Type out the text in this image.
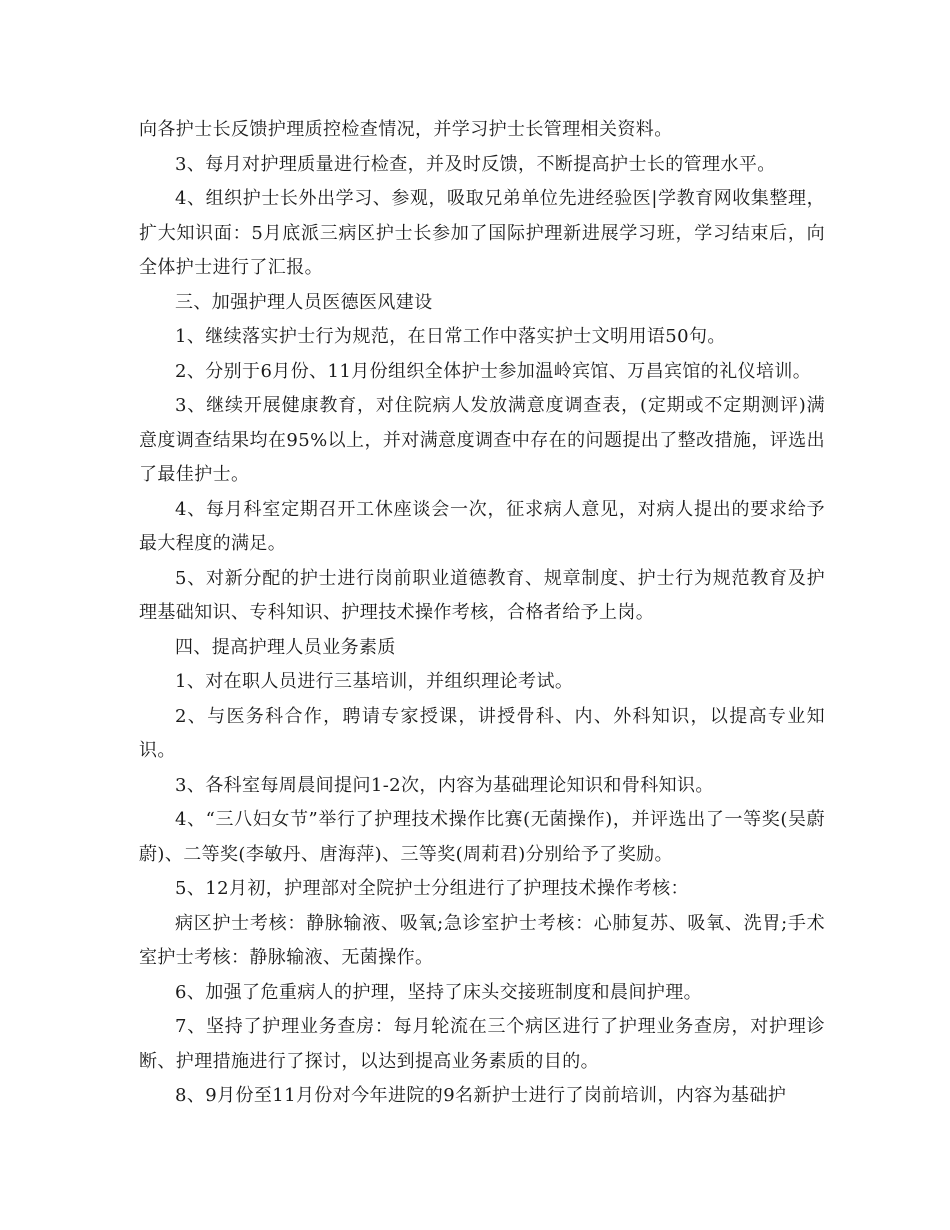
向各护士长反馈护理质控检查情况，并学习护士长管理相关资料。

3、每月对护理质量进行检查，并及时反馈，不断提高护士长的管理水平。

4、组织护士长外出学习、参观，吸取兄弟单位先进经验医|学教育网收集整理，扩大知识面：5月底派三病区护士长参加了国际护理新进展学习班，学习结束后，向全体护士进行了汇报。

三、加强护理人员医德医风建设

1、继续落实护士行为规范，在日常工作中落实护士文明用语50句。

2、分别于6月份、11月份组织全体护士参加温岭宾馆、万昌宾馆的礼仪培训。

3、继续开展健康教育，对住院病人发放满意度调查表，(定期或不定期测评)满意度调查结果均在95%以上，并对满意度调查中存在的问题提出了整改措施，评选出了最佳护士。

4、每月科室定期召开工休座谈会一次，征求病人意见，对病人提出的要求给予最大程度的满足。

5、对新分配的护士进行岗前职业道德教育、规章制度、护士行为规范教育及护理基础知识、专科知识、护理技术操作考核，合格者给予上岗。

四、提高护理人员业务素质

1、对在职人员进行三基培训，并组织理论考试。

2、与医务科合作，聘请专家授课，讲授骨科、内、外科知识，以提高专业知识。

3、各科室每周晨间提问1-2次，内容为基础理论知识和骨科知识。

4、“三八妇女节”举行了护理技术操作比赛(无菌操作)，并评选出了一等奖(吴蔚蔚)、二等奖(李敏丹、唐海萍)、三等奖(周莉君)分别给予了奖励。

5、12月初，护理部对全院护士分组进行了护理技术操作考核：

病区护士考核：静脉输液、吸氧;急诊室护士考核：心肺复苏、吸氧、洗胃;手术室护士考核：静脉输液、无菌操作。

6、加强了危重病人的护理，坚持了床头交接班制度和晨间护理。

7、坚持了护理业务查房：每月轮流在三个病区进行了护理业务查房，对护理诊断、护理措施进行了探讨，以达到提高业务素质的目的。

8、9月份至11月份对今年进院的9名新护士进行了岗前培训，内容为基础护
